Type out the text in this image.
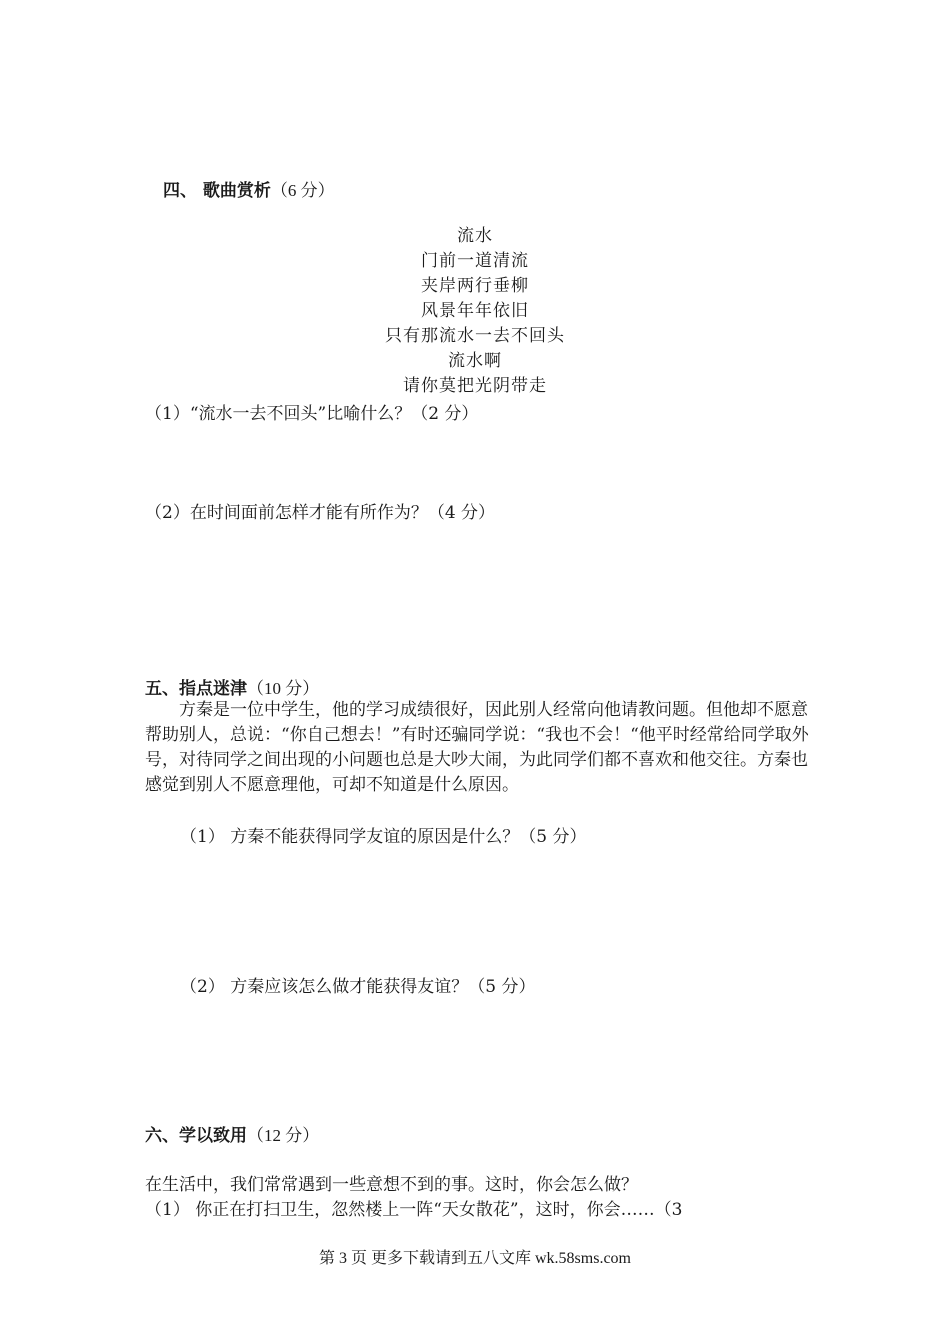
四、 歌曲赏析（6 分）
流水
门前一道清流
夹岸两行垂柳
风景年年依旧
只有那流水一去不回头
流水啊
请你莫把光阴带走
（1）“流水一去不回头”比喻什么？（2 分）
（2）在时间面前怎样才能有所作为？（4 分）
五、指点迷津（10 分）
方秦是一位中学生，他的学习成绩很好，因此别人经常向他请教问题。但他却不愿意帮助别人，总说：“你自己想去！”有时还骗同学说：“我也不会！“他平时经常给同学取外号，对待同学之间出现的小问题也总是大吵大闹，为此同学们都不喜欢和他交往。方秦也感觉到别人不愿意理他，可却不知道是什么原因。
（1） 方秦不能获得同学友谊的原因是什么？（5 分）
（2） 方秦应该怎么做才能获得友谊？（5 分）
六、学以致用（12 分）
在生活中，我们常常遇到一些意想不到的事。这时，你会怎么做？
（1） 你正在打扫卫生，忽然楼上一阵“天女散花”，这时，你会……（3
第 3 页 更多下载请到五八文库 wk.58sms.com
